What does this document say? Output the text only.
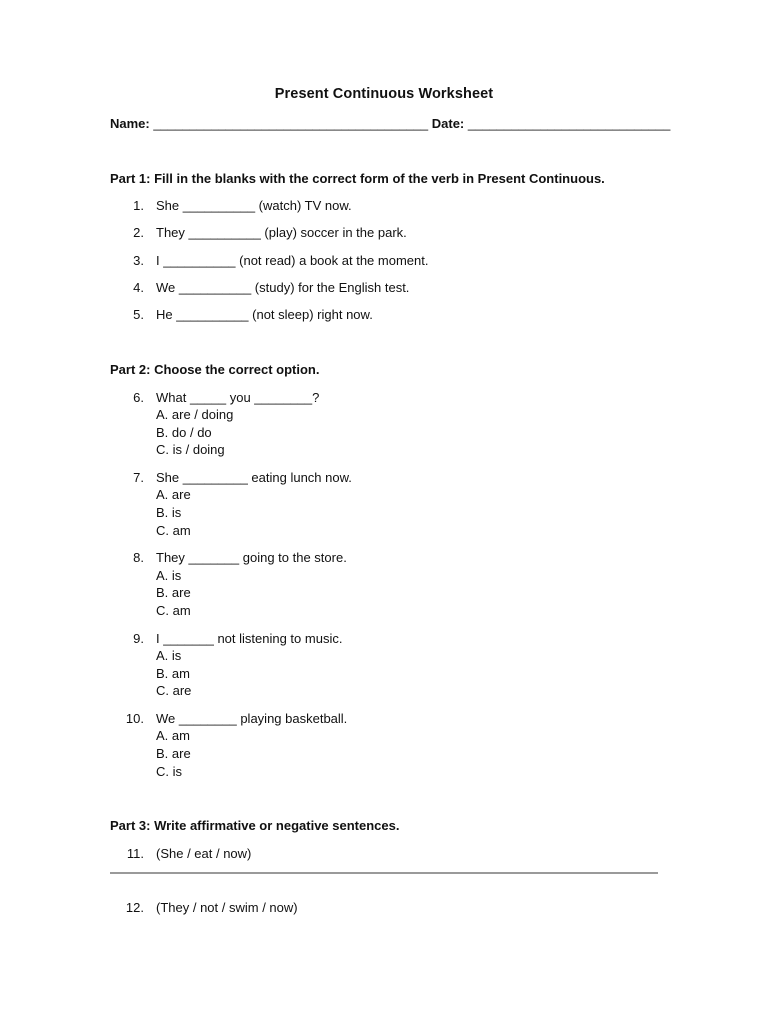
Present Continuous Worksheet
Name: ______________________________________ Date: ____________________________
Part 1: Fill in the blanks with the correct form of the verb in Present Continuous.
1. She __________ (watch) TV now.
2. They __________ (play) soccer in the park.
3. I __________ (not read) a book at the moment.
4. We __________ (study) for the English test.
5. He __________ (not sleep) right now.
Part 2: Choose the correct option.
6. What _____ you ________?
A. are / doing
B. do / do
C. is / doing
7. She _________ eating lunch now.
A. are
B. is
C. am
8. They _______ going to the store.
A. is
B. are
C. am
9. I _______ not listening to music.
A. is
B. am
C. are
10. We ________ playing basketball.
A. am
B. are
C. is
Part 3: Write affirmative or negative sentences.
11. (She / eat / now)
12. (They / not / swim / now)
